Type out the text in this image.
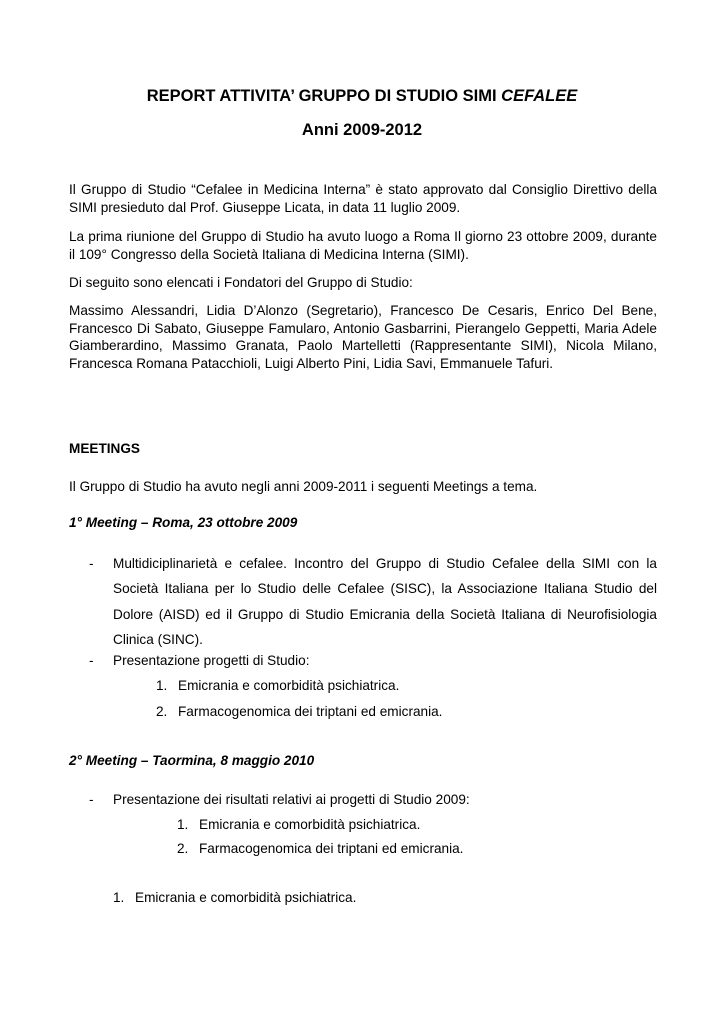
REPORT ATTIVITA’ GRUPPO DI STUDIO SIMI CEFALEE
Anni 2009-2012
Il Gruppo di Studio “Cefalee in Medicina Interna” è stato approvato dal Consiglio Direttivo della SIMI presieduto dal Prof. Giuseppe Licata, in data 11 luglio 2009.
La prima riunione del Gruppo di Studio ha avuto luogo a Roma Il giorno 23 ottobre 2009, durante il 109° Congresso della Società Italiana di Medicina Interna (SIMI).
Di seguito sono elencati i Fondatori del Gruppo di Studio:
Massimo Alessandri, Lidia D’Alonzo (Segretario), Francesco De Cesaris, Enrico Del Bene, Francesco Di Sabato, Giuseppe Famularo, Antonio Gasbarrini, Pierangelo Geppetti, Maria Adele Giamberardino, Massimo Granata, Paolo Martelletti (Rappresentante SIMI), Nicola Milano, Francesca Romana Patacchioli, Luigi Alberto Pini, Lidia Savi, Emmanuele Tafuri.
MEETINGS
Il Gruppo di Studio ha avuto negli anni 2009-2011 i seguenti Meetings a tema.
1° Meeting – Roma, 23 ottobre 2009
- Multidiciplinarietà e cefalee. Incontro del Gruppo di Studio Cefalee della SIMI con la Società Italiana per lo Studio delle Cefalee (SISC), la Associazione Italiana Studio del Dolore (AISD) ed il Gruppo di Studio Emicrania della Società Italiana di Neurofisiologia Clinica (SINC).
- Presentazione progetti di Studio:
1. Emicrania e comorbidità psichiatrica.
2. Farmacogenomica dei triptani ed emicrania.
2° Meeting – Taormina, 8 maggio 2010
- Presentazione dei risultati relativi ai progetti di Studio 2009:
1. Emicrania e comorbidità psichiatrica.
2. Farmacogenomica dei triptani ed emicrania.
1. Emicrania e comorbidità psichiatrica.
